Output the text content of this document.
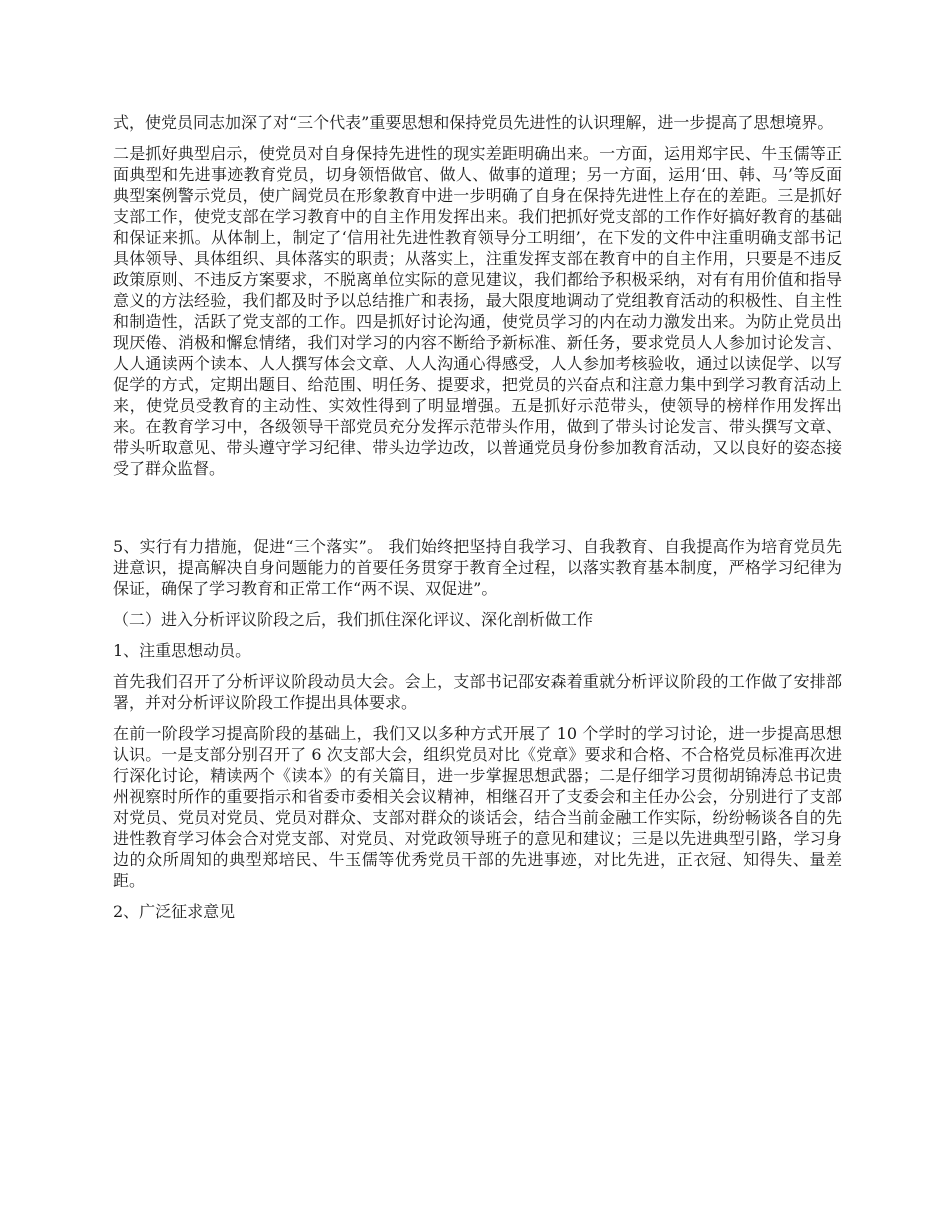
式，使党员同志加深了对“三个代表”重要思想和保持党员先进性的认识理解，进一步提高了思想境界。

二是抓好典型启示，使党员对自身保持先进性的现实差距明确出来。一方面，运用郑宇民、牛玉儒等正面典型和先进事迹教育党员，切身领悟做官、做人、做事的道理；另一方面，运用‘田、韩、马’等反面典型案例警示党员，使广阔党员在形象教育中进一步明确了自身在保持先进性上存在的差距。三是抓好支部工作，使党支部在学习教育中的自主作用发挥出来。我们把抓好党支部的工作作好搞好教育的基础和保证来抓。从体制上，制定了‘信用社先进性教育领导分工明细’，在下发的文件中注重明确支部书记具体领导、具体组织、具体落实的职责；从落实上，注重发挥支部在教育中的自主作用，只要是不违反政策原则、不违反方案要求，不脱离单位实际的意见建议，我们都给予积极采纳，对有有用价值和指导意义的方法经验，我们都及时予以总结推广和表扬，最大限度地调动了党组教育活动的积极性、自主性和制造性，活跃了党支部的工作。四是抓好讨论沟通，使党员学习的内在动力激发出来。为防止党员出现厌倦、消极和懈怠情绪，我们对学习的内容不断给予新标准、新任务，要求党员人人参加讨论发言、人人通读两个读本、人人撰写体会文章、人人沟通心得感受，人人参加考核验收，通过以读促学、以写促学的方式，定期出题目、给范围、明任务、提要求，把党员的兴奋点和注意力集中到学习教育活动上来，使党员受教育的主动性、实效性得到了明显增强。五是抓好示范带头，使领导的榜样作用发挥出来。在教育学习中，各级领导干部党员充分发挥示范带头作用，做到了带头讨论发言、带头撰写文章、带头听取意见、带头遵守学习纪律、带头边学边改，以普通党员身份参加教育活动，又以良好的姿态接受了群众监督。

5、实行有力措施，促进“三个落实”。 我们始终把坚持自我学习、自我教育、自我提高作为培育党员先进意识，提高解决自身问题能力的首要任务贯穿于教育全过程，以落实教育基本制度，严格学习纪律为保证，确保了学习教育和正常工作“两不误、双促进”。

（二）进入分析评议阶段之后，我们抓住深化评议、深化剖析做工作

1、注重思想动员。

首先我们召开了分析评议阶段动员大会。会上，支部书记邵安森着重就分析评议阶段的工作做了安排部署，并对分析评议阶段工作提出具体要求。

在前一阶段学习提高阶段的基础上，我们又以多种方式开展了 10 个学时的学习讨论，进一步提高思想认识。一是支部分别召开了 6 次支部大会，组织党员对比《党章》要求和合格、不合格党员标准再次进行深化讨论，精读两个《读本》的有关篇目，进一步掌握思想武器；二是仔细学习贯彻胡锦涛总书记贵州视察时所作的重要指示和省委市委相关会议精神，相继召开了支委会和主任办公会，分别进行了支部对党员、党员对党员、党员对群众、支部对群众的谈话会，结合当前金融工作实际，纷纷畅谈各自的先进性教育学习体会合对党支部、对党员、对党政领导班子的意见和建议；三是以先进典型引路，学习身边的众所周知的典型郑培民、牛玉儒等优秀党员干部的先进事迹，对比先进，正衣冠、知得失、量差距。

2、广泛征求意见
